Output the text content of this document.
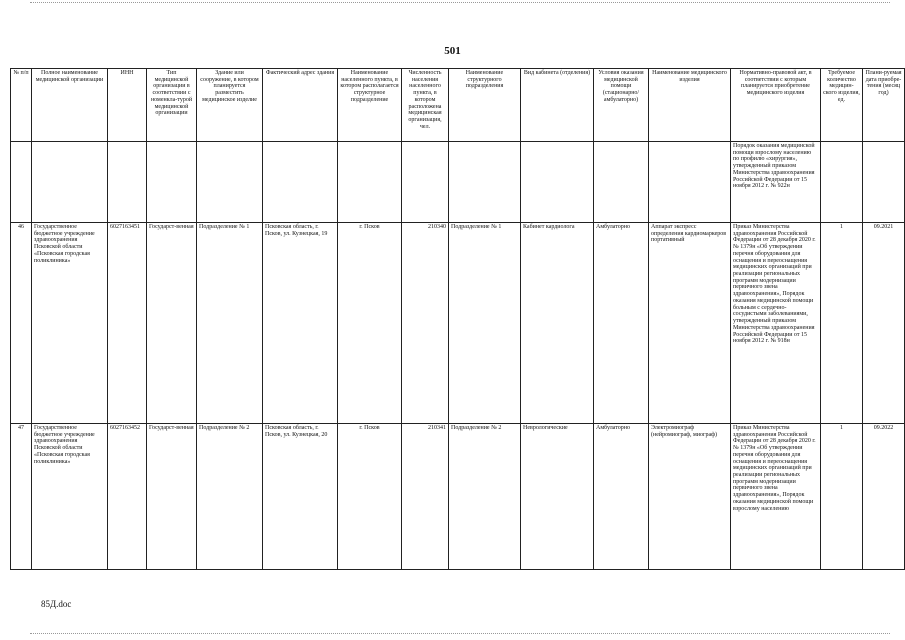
501
№ п/п	Полное наименование медицинской организации	ИНН	Тип медицинской организации в соответствии с номенкла-турой медицинской организации	Здание или сооружение, в котором планируется разместить медицинское изделие	Фактический адрес здания	Наименование населенного пункта, в котором располагается структурное подразделение	Численность населения населенного пункта, в котором расположена медицинская организация, чел.	Наименование структурного подразделения	Вид кабинета (отделения)	Условия оказания медицинской помощи (стационарно/ амбулаторно)	Наименование медицинского изделия	Нормативно-правовой акт, в соответствии с которым планируется приобретение медицинского изделия	Требуемое количество медицин-ского изделия, ед.	Плани-руемая дата приобре-тения (месяц год)
												Порядок оказания медицинской помощи взрослому населению по профилю «хирургия», утвержденный приказом Министерства здравоохранения Российской Федерации от 15 ноября 2012 г. № 922н		
46	Государственное бюджетное учреждение здравоохранения Псковской области «Псковская городская поликлиника»	6027163451	Государст-венная	Подразделение № 1	Псковская область, г. Псков, ул. Кузнецкая, 19	г. Псков	210340	Подразделение № 1	Кабинет кардиолога	Амбулаторно	Аппарат экспресс определения кардиомаркеров портативный	Приказ Министерства здравоохранения Российской Федерации от 28 декабря 2020 г. № 1379н «Об утверждении перечня оборудования для оснащения и переоснащения медицинских организаций при реализации региональных программ модернизации первичного звена здравоохранения», Порядок оказания медицинской помощи больным с сердечно-сосудистыми заболеваниями, утвержденный приказом Министерства здравоохранения Российской Федерации от 15 ноября 2012 г. № 918н	1	09.2021
47	Государственное бюджетное учреждение здравоохранения Псковской области «Псковская городская поликлиника»	6027163452	Государст-венная	Подразделение № 2	Псковская область, г. Псков, ул. Кузнецкая, 20	г. Псков	210341	Подразделение № 2	Неврологические	Амбулаторно	Электромиограф (нейромиограф, миограф)	Приказ Министерства здравоохранения Российской Федерации от 28 декабря 2020 г. № 1379н «Об утверждении перечня оборудования для оснащения и переоснащения медицинских организаций при реализации региональных программ модернизации первичного звена здравоохранения», Порядок оказания медицинской помощи взрослому населению	1	09.2022
85Д.doc
